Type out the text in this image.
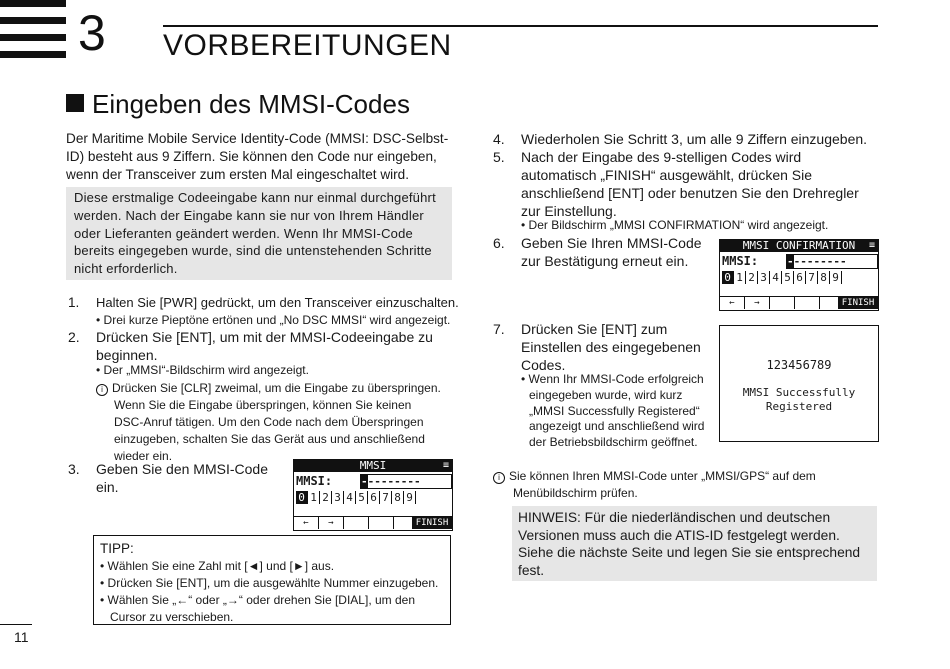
3 VORBEREITUNGEN
Eingeben des MMSI-Codes
Der Maritime Mobile Service Identity-Code (MMSI: DSC-Selbst-
ID) besteht aus 9 Ziffern. Sie können den Code nur eingeben,
wenn der Transceiver zum ersten Mal eingeschaltet wird.
Diese erstmalige Codeeingabe kann nur einmal durchgeführt
werden. Nach der Eingabe kann sie nur von Ihrem Händler
oder Lieferanten geändert werden. Wenn Ihr MMSI-Code
bereits eingegeben wurde, sind die untenstehenden Schritte
nicht erforderlich.
1. Halten Sie [PWR] gedrückt, um den Transceiver einzuschalten.
• Drei kurze Pieptöne ertönen und „No DSC MMSI“ wird angezeigt.
2. Drücken Sie [ENT], um mit der MMSI-Codeeingabe zu
beginnen.
• Der „MMSI“-Bildschirm wird angezeigt.
i Drücken Sie [CLR] zweimal, um die Eingabe zu überspringen.
Wenn Sie die Eingabe überspringen, können Sie keinen
DSC-Anruf tätigen. Um den Code nach dem Überspringen
einzugeben, schalten Sie das Gerät aus und anschließend
wieder ein.
3. Geben Sie den MMSI-Code
ein.
MMSI	≡
MMSI:	---------
0 1 2 3 4 5 6 7 8 9
←	→	FINISH
TIPP:
• Wählen Sie eine Zahl mit [◄] und [►] aus.
• Drücken Sie [ENT], um die ausgewählte Nummer einzugeben.
• Wählen Sie „←“ oder „→“ oder drehen Sie [DIAL], um den
Cursor zu verschieben.
4. Wiederholen Sie Schritt 3, um alle 9 Ziffern einzugeben.
5. Nach der Eingabe des 9-stelligen Codes wird
automatisch „FINISH“ ausgewählt, drücken Sie
anschließend [ENT] oder benutzen Sie den Drehregler
zur Einstellung.
• Der Bildschirm „MMSI CONFIRMATION“ wird angezeigt.
6. Geben Sie Ihren MMSI-Code
zur Bestätigung erneut ein.
MMSI CONFIRMATION ≡
MMSI:	---------
0 1 2 3 4 5 6 7 8 9
←	→	FINISH
7. Drücken Sie [ENT] zum
Einstellen des eingegebenen
Codes.
• Wenn Ihr MMSI-Code erfolgreich
eingegeben wurde, wird kurz
„MMSI Successfully Registered“
angezeigt und anschließend wird
der Betriebsbildschirm geöffnet.
123456789
MMSI Successfully
Registered
i Sie können Ihren MMSI-Code unter „MMSI/GPS“ auf dem
Menübildschirm prüfen.
HINWEIS: Für die niederländischen und deutschen
Versionen muss auch die ATIS-ID festgelegt werden.
Siehe die nächste Seite und legen Sie sie entsprechend
fest.
11
